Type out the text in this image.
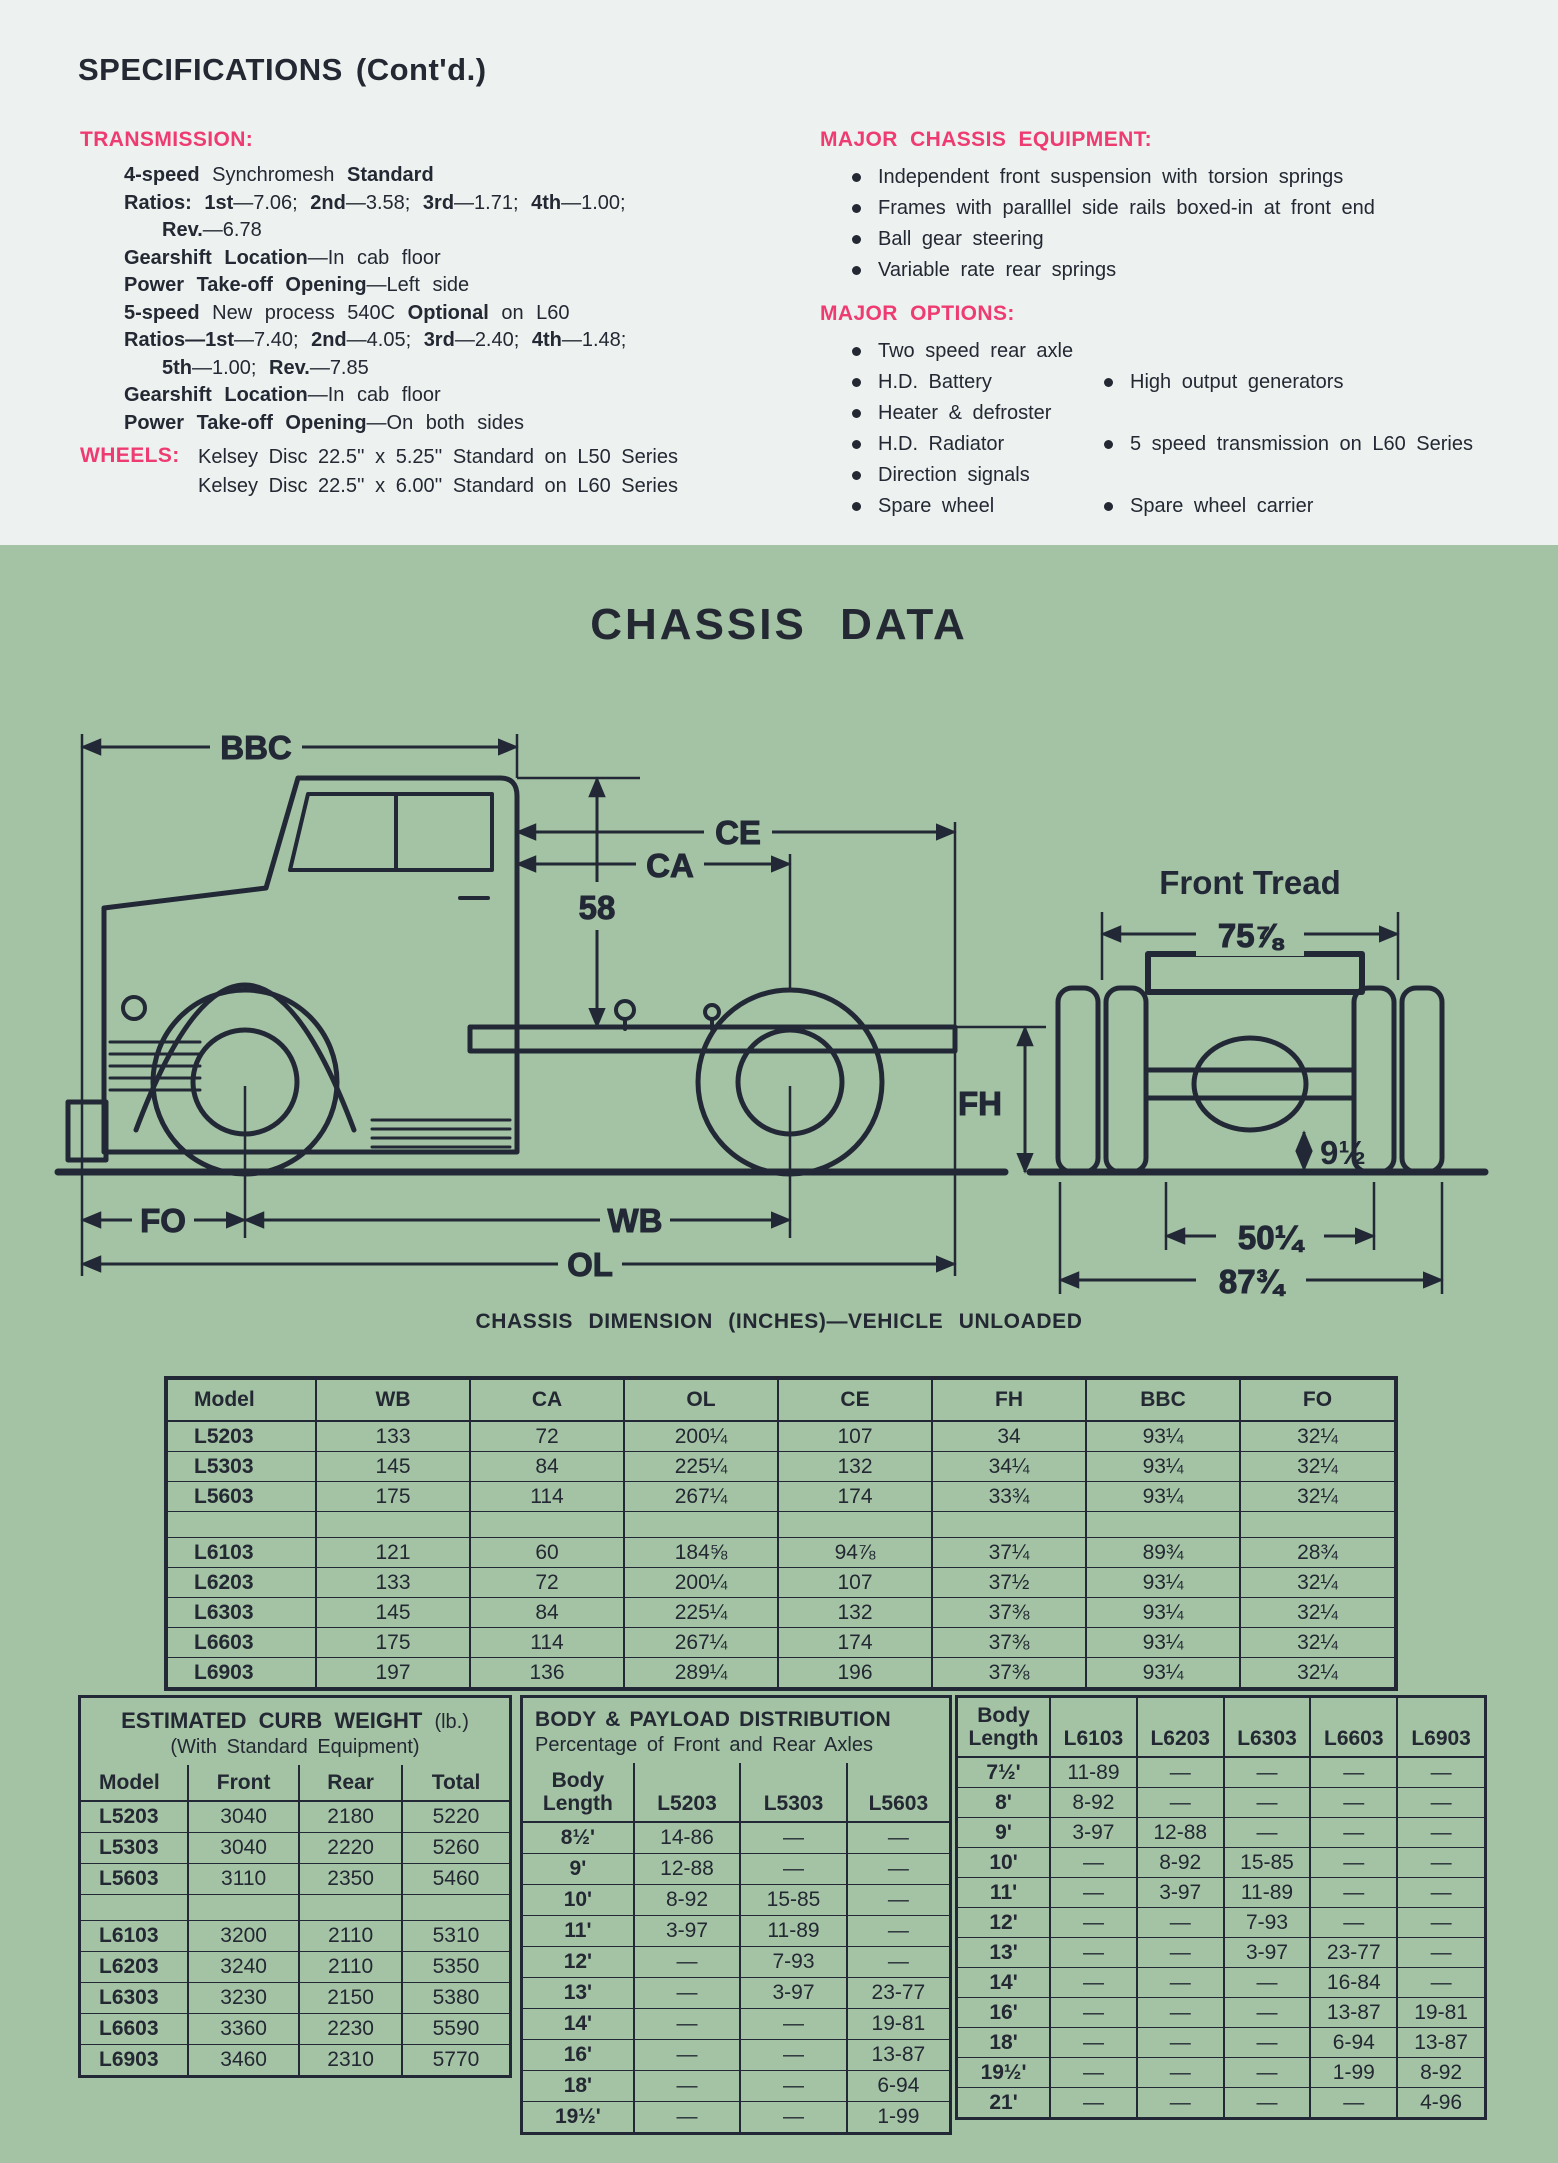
SPECIFICATIONS (Cont'd.)
TRANSMISSION:
4-speed Synchromesh Standard
Ratios: 1st—7.06; 2nd—3.58; 3rd—1.71; 4th—1.00;
Rev.—6.78
Gearshift Location—In cab floor
Power Take-off Opening—Left side
5-speed New process 540C Optional on L60
Ratios—1st—7.40; 2nd—4.05; 3rd—2.40; 4th—1.48;
5th—1.00; Rev.—7.85
Gearshift Location—In cab floor
Power Take-off Opening—On both sides
WHEELS: Kelsey Disc 22.5'' x 5.25'' Standard on L50 Series
Kelsey Disc 22.5'' x 6.00'' Standard on L60 Series
MAJOR CHASSIS EQUIPMENT:
Independent front suspension with torsion springs
Frames with paralllel side rails boxed-in at front end
Ball gear steering
Variable rate rear springs
MAJOR OPTIONS:
Two speed rear axle
H.D. Battery	High output generators
Heater & defroster
H.D. Radiator	5 speed transmission on L60 Series
Direction signals
Spare wheel	Spare wheel carrier
CHASSIS DATA
BBC
CE
CA
58
FH
FO	WB
OL
Front Tread
75⅞
9½
50¼
87¾
CHASSIS DIMENSION (INCHES)—VEHICLE UNLOADED
Model	WB	CA	OL	CE	FH	BBC	FO
L5203	133	72	200¼	107	34	93¼	32¼
L5303	145	84	225¼	132	34¼	93¼	32¼
L5603	175	114	267¼	174	33¾	93¼	32¼

L6103	121	60	184⅝	94⅞	37¼	89¾	28¾
L6203	133	72	200¼	107	37½	93¼	32¼
L6303	145	84	225¼	132	37⅜	93¼	32¼
L6603	175	114	267¼	174	37⅜	93¼	32¼
L6903	197	136	289¼	196	37⅜	93¼	32¼
ESTIMATED CURB WEIGHT (lb.)
(With Standard Equipment)
Model	Front	Rear	Total
L5203	3040	2180	5220
L5303	3040	2220	5260
L5603	3110	2350	5460

L6103	3200	2110	5310
L6203	3240	2110	5350
L6303	3230	2150	5380
L6603	3360	2230	5590
L6903	3460	2310	5770
BODY & PAYLOAD DISTRIBUTION
Percentage of Front and Rear Axles
Body Length	L5203	L5303	L5603
8½'	14-86	—	—
9'	12-88	—	—
10'	8-92	15-85	—
11'	3-97	11-89	—
12'	—	7-93	—
13'	—	3-97	23-77
14'	—	—	19-81
16'	—	—	13-87
18'	—	—	6-94
19½'	—	—	1-99
Body Length	L6103	L6203	L6303	L6603	L6903
7½'	11-89	—	—	—	—
8'	8-92	—	—	—	—
9'	3-97	12-88	—	—	—
10'	—	8-92	15-85	—	—
11'	—	3-97	11-89	—	—
12'	—	—	7-93	—	—
13'	—	—	3-97	23-77	—
14'	—	—	—	16-84	—
16'	—	—	—	13-87	19-81
18'	—	—	—	6-94	13-87
19½'	—	—	—	1-99	8-92
21'	—	—	—	—	4-96
